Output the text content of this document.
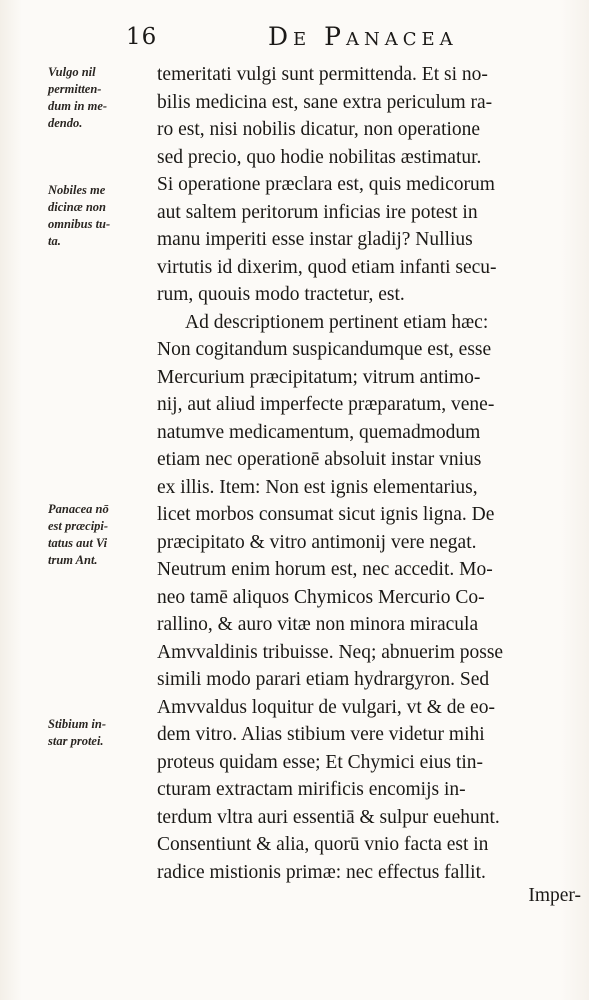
16	De Panacea
Vulgo nil
permitten-
dum in me-
dendo.
Nobiles me
dicinæ non
omnibus tu-
ta.
Panacea nō
est præcipi-
tatus aut Vi
trum Ant.
Stibium in-
star protei.
temeritati vulgi sunt permittenda. Et si no-
bilis medicina est, sane extra periculum ra-
ro est, nisi nobilis dicatur, non operatione
sed precio, quo hodie nobilitas æstimatur.
Si operatione præclara est, quis medicorum
aut saltem peritorum inficias ire potest in
manu imperiti esse instar gladij? Nullius
virtutis id dixerim, quod etiam infanti secu-
rum, quouis modo tractetur, est.
Ad descriptionem pertinent etiam hæc:
Non cogitandum suspicandumque est, esse
Mercurium præcipitatum; vitrum antimo-
nij, aut aliud imperfecte præparatum, vene-
natumve medicamentum, quemadmodum
etiam nec operationē absoluit instar vnius
ex illis. Item: Non est ignis elementarius,
licet morbos consumat sicut ignis ligna. De
præcipitato & vitro antimonij vere negat.
Neutrum enim horum est, nec accedit. Mo-
neo tamē aliquos Chymicos Mercurio Co-
rallino, & auro vitæ non minora miracula
Amvvaldinis tribuisse. Neq; abnuerim posse
simili modo parari etiam hydrargyron. Sed
Amvvaldus loquitur de vulgari, vt & de eo-
dem vitro. Alias stibium vere videtur mihi
proteus quidam esse; Et Chymici eius tin-
cturam extractam mirificis encomijs in-
terdum vltra auri essentiā & sulpur euehunt.
Consentiunt & alia, quorū vnio facta est in
radice mistionis primæ: nec effectus fallit.
Imper-
